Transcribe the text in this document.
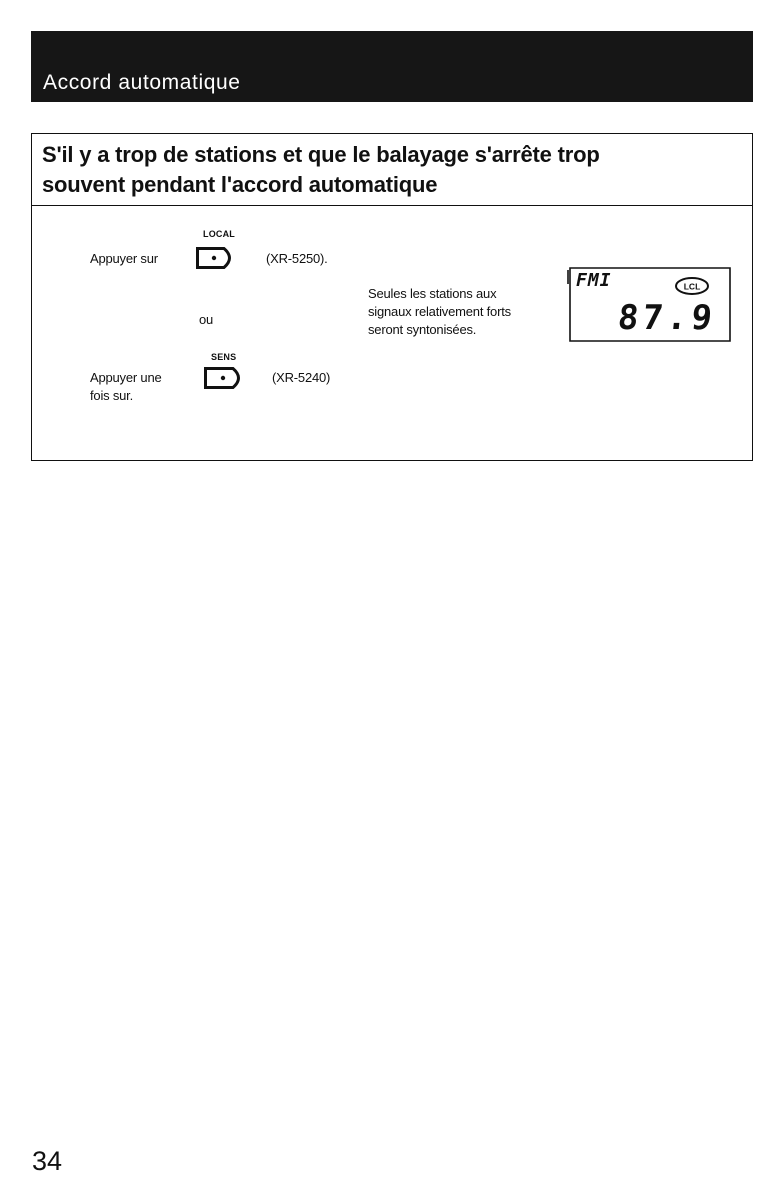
Accord automatique
S'il y a trop de stations et que le balayage s'arrête trop
souvent pendant l'accord automatique
LOCAL
Appuyer sur	(XR-5250).
ou
SENS
Appuyer une
fois sur.
(XR-5240)
Seules les stations aux
signaux relativement forts
seront syntonisées.
FMI	LCL
87.9
34
